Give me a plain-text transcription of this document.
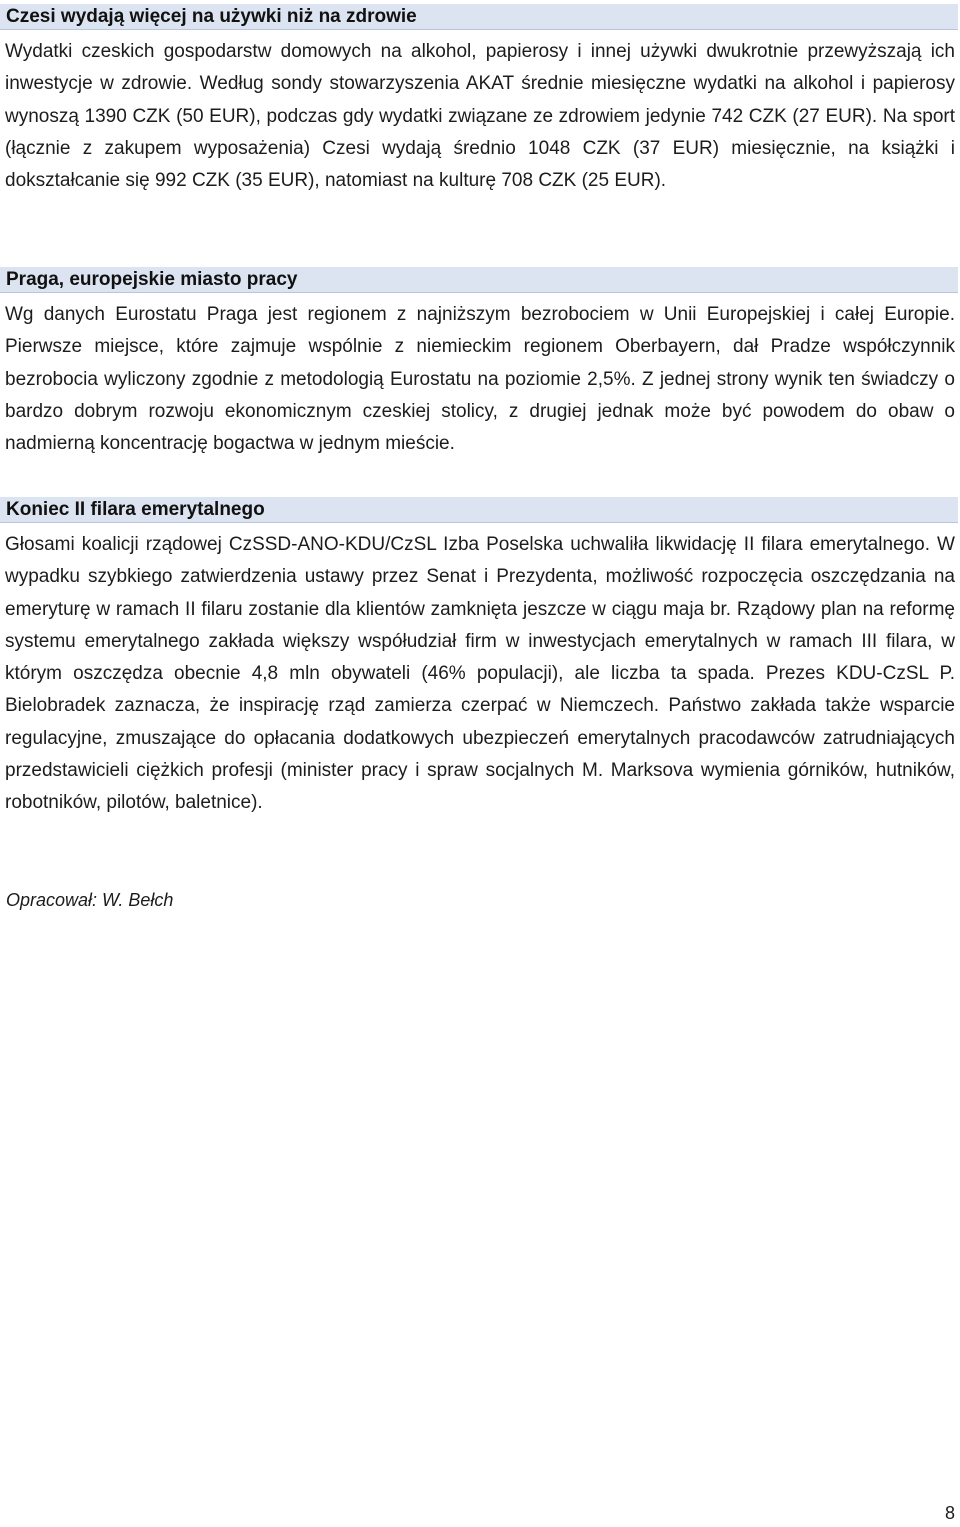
Czesi wydają więcej na używki niż na zdrowie

Wydatki czeskich gospodarstw domowych na alkohol, papierosy i innej używki dwukrotnie przewyższają ich inwestycje w zdrowie. Według sondy stowarzyszenia AKAT średnie miesięczne wydatki na alkohol i papierosy wynoszą 1390 CZK (50 EUR), podczas gdy wydatki związane ze zdrowiem jedynie 742 CZK (27 EUR). Na sport (łącznie z zakupem wyposażenia) Czesi wydają średnio 1048 CZK (37 EUR) miesięcznie, na książki i dokształcanie się 992 CZK (35 EUR), natomiast na kulturę 708 CZK (25 EUR).

Praga, europejskie miasto pracy

Wg danych Eurostatu Praga jest regionem z najniższym bezrobociem w Unii Europejskiej i całej Europie. Pierwsze miejsce, które zajmuje wspólnie z niemieckim regionem Oberbayern, dał Pradze współczynnik bezrobocia wyliczony zgodnie z metodologią Eurostatu na poziomie 2,5%. Z jednej strony wynik ten świadczy o bardzo dobrym rozwoju ekonomicznym czeskiej stolicy, z drugiej jednak może być powodem do obaw o nadmierną koncentrację bogactwa w jednym mieście.

Koniec II filara emerytalnego

Głosami koalicji rządowej CzSSD-ANO-KDU/CzSL Izba Poselska uchwaliła likwidację II filara emerytalnego. W wypadku szybkiego zatwierdzenia ustawy przez Senat i Prezydenta, możliwość rozpoczęcia oszczędzania na emeryturę w ramach II filaru zostanie dla klientów zamknięta jeszcze w ciągu maja br. Rządowy plan na reformę systemu emerytalnego zakłada większy współudział firm w inwestycjach emerytalnych w ramach III filara, w którym oszczędza obecnie 4,8 mln obywateli (46% populacji), ale liczba ta spada. Prezes KDU-CzSL P. Bielobradek zaznacza, że inspirację rząd zamierza czerpać w Niemczech. Państwo zakłada także wsparcie regulacyjne, zmuszające do opłacania dodatkowych ubezpieczeń emerytalnych pracodawców zatrudniających przedstawicieli ciężkich profesji (minister pracy i spraw socjalnych M. Marksova wymienia górników, hutników, robotników, pilotów, baletnice).

Opracował: W. Bełch
8
